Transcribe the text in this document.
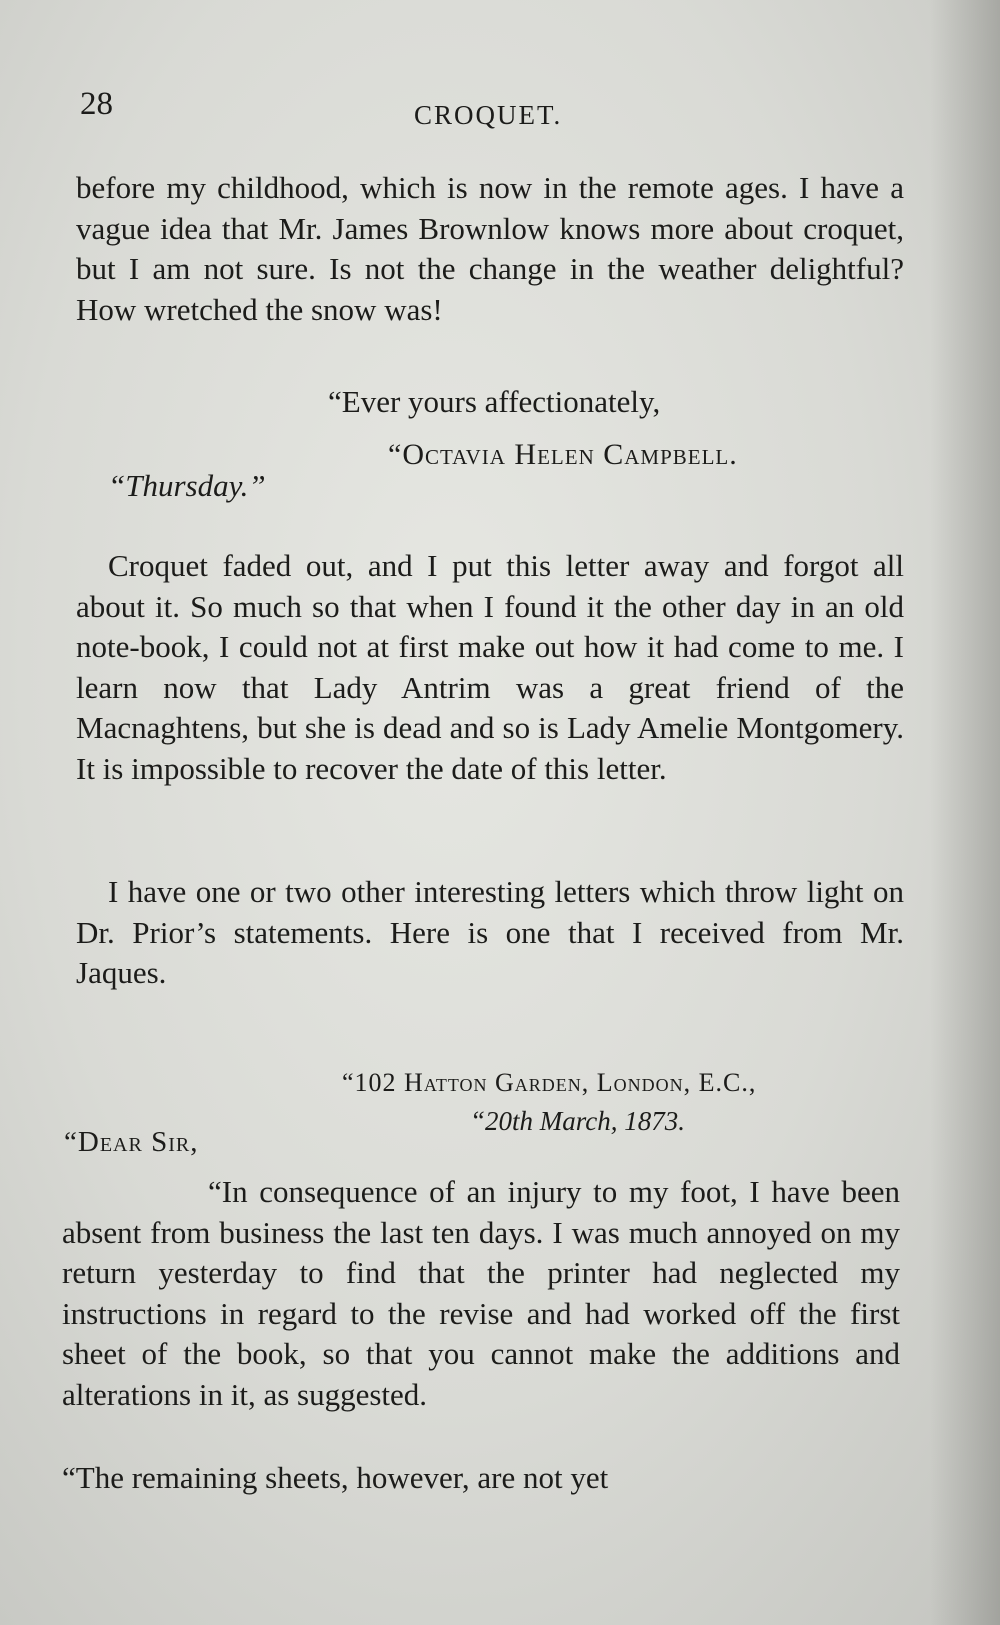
28	CROQUET.

before my childhood, which is now in the remote ages. I have a vague idea that Mr. James Brownlow knows more about croquet, but I am not sure. Is not the change in the weather delightful? How wretched the snow was!

“Ever yours affectionately,
“Octavia Helen Campbell.
“Thursday.”

Croquet faded out, and I put this letter away and forgot all about it. So much so that when I found it the other day in an old note-book, I could not at first make out how it had come to me. I learn now that Lady Antrim was a great friend of the Macnaghtens, but she is dead and so is Lady Amelie Montgomery. It is impossible to recover the date of this letter.

I have one or two other interesting letters which throw light on Dr. Prior’s statements. Here is one that I received from Mr. Jaques.

“102 Hatton Garden, London, E.C.,
“20th March, 1873.
“Dear Sir,

“In consequence of an injury to my foot, I have been absent from business the last ten days. I was much annoyed on my return yesterday to find that the printer had neglected my instructions in regard to the revise and had worked off the first sheet of the book, so that you cannot make the additions and alterations in it, as suggested.

“The remaining sheets, however, are not yet
